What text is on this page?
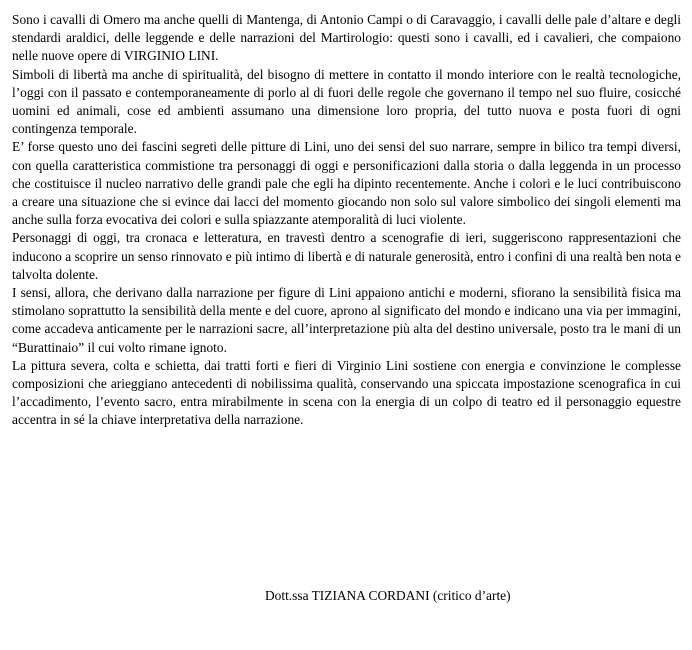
Sono i cavalli di Omero ma anche quelli di Mantenga, di Antonio Campi o di Caravaggio, i cavalli delle pale d’altare e degli stendardi araldici, delle leggende e delle narrazioni del Martirologio: questi sono i cavalli, ed i cavalieri, che compaiono nelle nuove opere di VIRGINIO LINI.

Simboli di libertà ma anche di spiritualità, del bisogno di mettere in contatto il mondo interiore con le realtà tecnologiche, l’oggi con il passato e contemporaneamente di porlo al di fuori delle regole che governano il tempo nel suo fluire, cosicché uomini ed animali, cose ed ambienti assumano una dimensione loro propria, del tutto nuova e posta fuori di ogni contingenza temporale.

E’ forse questo uno dei fascini segreti delle pitture di Lini, uno dei sensi del suo narrare, sempre in bilico tra tempi diversi, con quella caratteristica commistione tra personaggi di oggi e personificazioni dalla storia o dalla leggenda in un processo che costituisce il nucleo narrativo delle grandi pale che egli ha dipinto recentemente. Anche i colori e le luci contribuiscono a creare una situazione che si evince dai lacci del momento giocando non solo sul valore simbolico dei singoli elementi ma anche sulla forza evocativa dei colori e sulla spiazzante atemporalità di luci violente.

Personaggi di oggi, tra cronaca e letteratura, en travestì dentro a scenografie di ieri, suggeriscono rappresentazioni che inducono a scoprire un senso rinnovato e più intimo di libertà e di naturale generosità, entro i confini di una realtà ben nota e talvolta dolente.

I sensi, allora, che derivano dalla narrazione per figure di Lini appaiono antichi e moderni, sfiorano la sensibilità fisica ma stimolano soprattutto la sensibilità della mente e del cuore, aprono al significato del mondo e indicano una via per immagini, come accadeva anticamente per le narrazioni sacre, all’interpretazione più alta del destino universale, posto tra le mani di un “Burattinaio” il cui volto rimane ignoto.

La pittura severa, colta e schietta, dai tratti forti e fieri di Virginio Lini sostiene con energia e convinzione le complesse composizioni che arieggiano antecedenti di nobilissima qualità, conservando una spiccata impostazione scenografica in cui l’accadimento, l’evento sacro, entra mirabilmente in scena con la energia di un colpo di teatro ed il personaggio equestre accentra in sé la chiave interpretativa della narrazione.

Dott.ssa TIZIANA CORDANI (critico d’arte)
